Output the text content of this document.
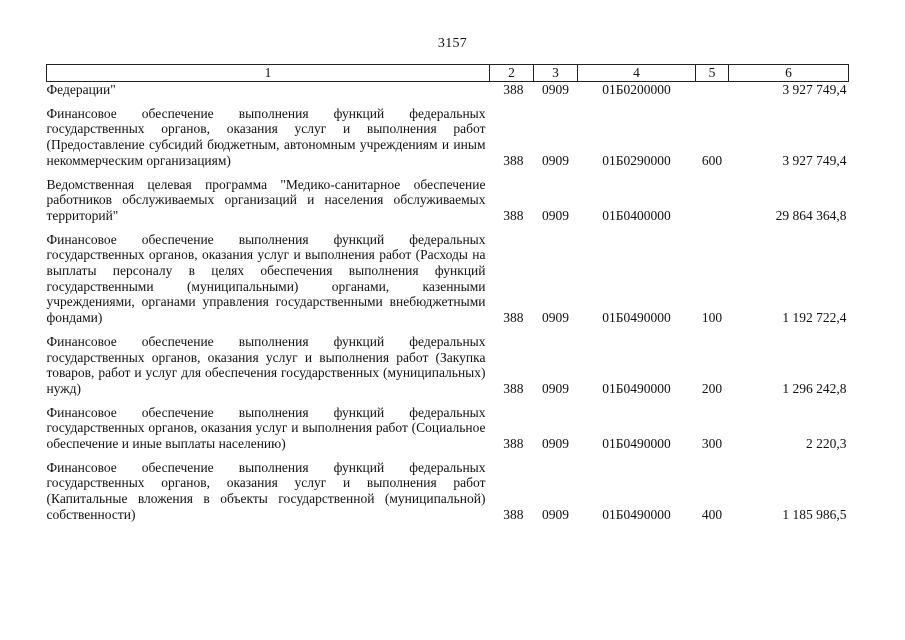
3157
1	2	3	4	5	6
Федерации"	388	0909	01Б0200000		3 927 749,4
Финансовое обеспечение выполнения функций федеральных государственных органов, оказания услуг и выполнения работ (Предоставление субсидий бюджетным, автономным учреждениям и иным некоммерческим организациям)	388	0909	01Б0290000	600	3 927 749,4
Ведомственная целевая программа "Медико-санитарное обеспечение работников обслуживаемых организаций и населения обслуживаемых территорий"	388	0909	01Б0400000		29 864 364,8
Финансовое обеспечение выполнения функций федеральных государственных органов, оказания услуг и выполнения работ (Расходы на выплаты персоналу в целях обеспечения выполнения функций государственными (муниципальными) органами, казенными учреждениями, органами управления государственными внебюджетными фондами)	388	0909	01Б0490000	100	1 192 722,4
Финансовое обеспечение выполнения функций федеральных государственных органов, оказания услуг и выполнения работ (Закупка товаров, работ и услуг для обеспечения государственных (муниципальных) нужд)	388	0909	01Б0490000	200	1 296 242,8
Финансовое обеспечение выполнения функций федеральных государственных органов, оказания услуг и выполнения работ (Социальное обеспечение и иные выплаты населению)	388	0909	01Б0490000	300	2 220,3
Финансовое обеспечение выполнения функций федеральных государственных органов, оказания услуг и выполнения работ (Капитальные вложения в объекты государственной (муниципальной) собственности)	388	0909	01Б0490000	400	1 185 986,5
